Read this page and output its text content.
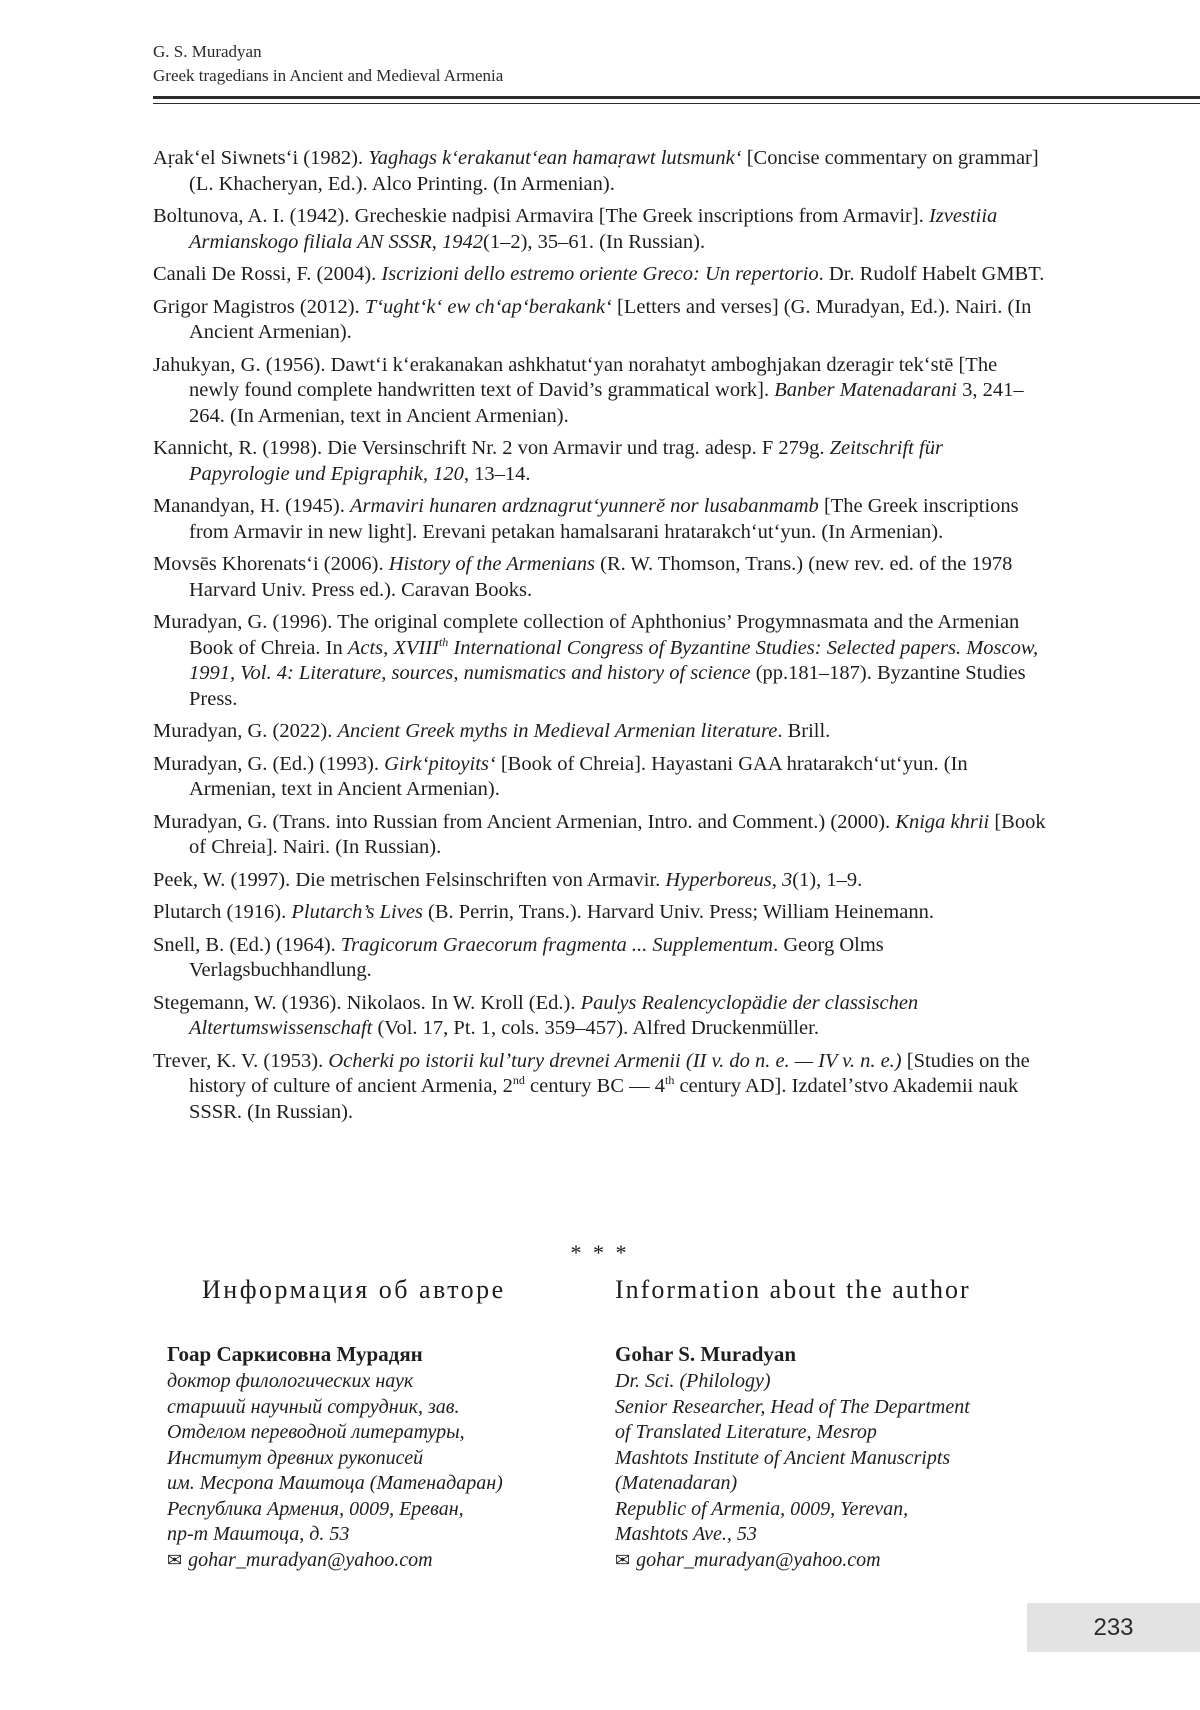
G. S. Muradyan
Greek tragedians in Ancient and Medieval Armenia
Aṛakʻel Siwnetsʻi (1982). Yaghags kʻerakanutʻean hamaṛawt lutsmunkʻ [Concise commentary on grammar] (L. Khacheryan, Ed.). Alco Printing. (In Armenian).
Boltunova, A. I. (1942). Grecheskie nadpisi Armavira [The Greek inscriptions from Armavir]. Izvestiia Armianskogo filiala AN SSSR, 1942(1–2), 35–61. (In Russian).
Canali De Rossi, F. (2004). Iscrizioni dello estremo oriente Greco: Un repertorio. Dr. Rudolf Habelt GMBT.
Grigor Magistros (2012). Tʻughtʻkʻ ew chʻapʻberakankʻ [Letters and verses] (G. Muradyan, Ed.). Nairi. (In Ancient Armenian).
Jahukyan, G. (1956). Dawtʻi kʻerakanakan ashkhatutʻyan norahatyt amboghjakan dzeragir tekʻstē [The newly found complete handwritten text of David’s grammatical work]. Banber Matenadarani 3, 241–264. (In Armenian, text in Ancient Armenian).
Kannicht, R. (1998). Die Versinschrift Nr. 2 von Armavir und trag. adesp. F 279g. Zeitschrift für Papyrologie und Epigraphik, 120, 13–14.
Manandyan, H. (1945). Armaviri hunaren ardznagrutʻyunnerĕ nor lusabanmamb [The Greek inscriptions from Armavir in new light]. Erevani petakan hamalsarani hratarakchʻutʻyun. (In Armenian).
Movsēs Khorenatsʻi (2006). History of the Armenians (R. W. Thomson, Trans.) (new rev. ed. of the 1978 Harvard Univ. Press ed.). Caravan Books.
Muradyan, G. (1996). The original complete collection of Aphthonius’ Progymnasmata and the Armenian Book of Chreia. In Acts, XVIIIth International Congress of Byzantine Studies: Selected papers. Moscow, 1991, Vol. 4: Literature, sources, numismatics and history of science (pp.181–187). Byzantine Studies Press.
Muradyan, G. (2022). Ancient Greek myths in Medieval Armenian literature. Brill.
Muradyan, G. (Ed.) (1993). Girkʻpitoyitsʻ [Book of Chreia]. Hayastani GAA hratarakchʻutʻyun. (In Armenian, text in Ancient Armenian).
Muradyan, G. (Trans. into Russian from Ancient Armenian, Intro. and Comment.) (2000). Kniga khrii [Book of Chreia]. Nairi. (In Russian).
Peek, W. (1997). Die metrischen Felsinschriften von Armavir. Hyperboreus, 3(1), 1–9.
Plutarch (1916). Plutarch’s Lives (B. Perrin, Trans.). Harvard Univ. Press; William Heinemann.
Snell, B. (Ed.) (1964). Tragicorum Graecorum fragmenta ... Supplementum. Georg Olms Verlagsbuchhandlung.
Stegemann, W. (1936). Nikolaos. In W. Kroll (Ed.). Paulys Realencyclopädie der classischen Altertumswissenschaft (Vol. 17, Pt. 1, cols. 359–457). Alfred Druckenmüller.
Trever, K. V. (1953). Ocherki po istorii kulʼtury drevnei Armenii (II v. do n. e. — IV v. n. e.) [Studies on the history of culture of ancient Armenia, 2nd century BC — 4th century AD]. Izdatelʼstvo Akademii nauk SSSR. (In Russian).
* * *
Информация об авторе
Гоар Саркисовна Мурадян
доктор филологических наук
старший научный сотрудник, зав.
Отделом переводной литературы,
Институт древних рукописей
им. Месропа Маштоца (Матенадаран)
Республика Армения, 0009, Ереван,
пр-т Маштоца, д. 53
✉ gohar_muradyan@yahoo.com
Information about the author
Gohar S. Muradyan
Dr. Sci. (Philology)
Senior Researcher, Head of The Department
of Translated Literature, Mesrop
Mashtots Institute of Ancient Manuscripts
(Matenadaran)
Republic of Armenia, 0009, Yerevan,
Mashtots Ave., 53
✉ gohar_muradyan@yahoo.com
233
